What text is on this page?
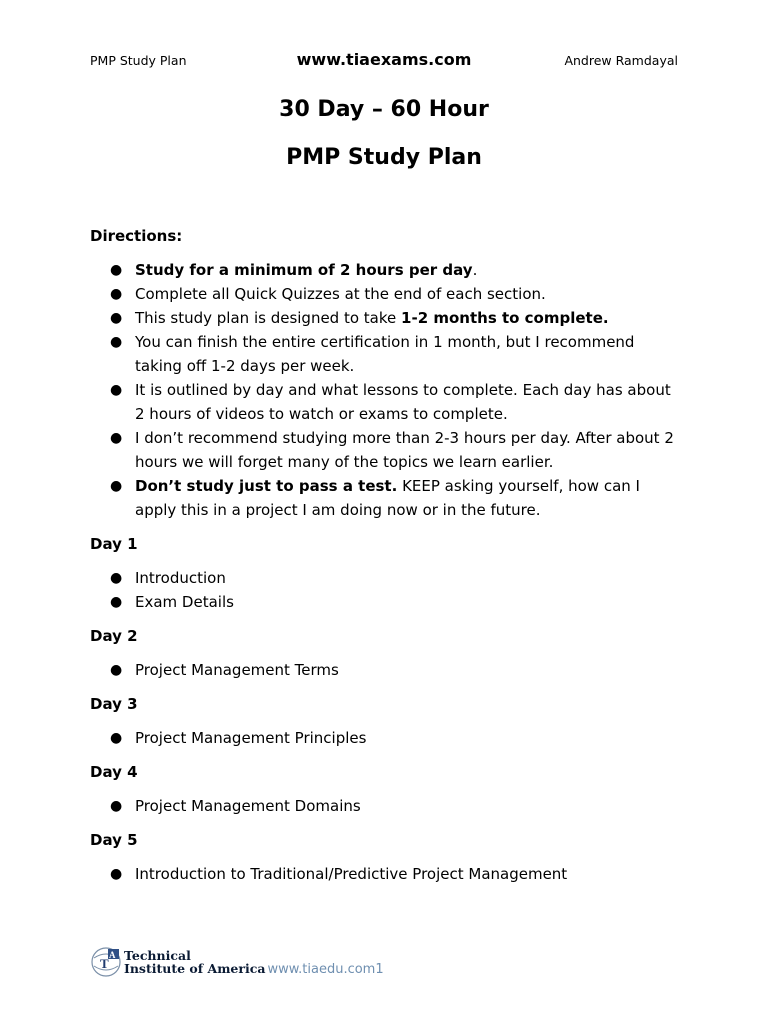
PMP Study Plan	www.tiaexams.com	Andrew Ramdayal
30 Day – 60 Hour
PMP Study Plan
Directions:
● Study for a minimum of 2 hours per day.
● Complete all Quick Quizzes at the end of each section.
● This study plan is designed to take 1-2 months to complete.
● You can finish the entire certification in 1 month, but I recommend taking off 1-2 days per week.
● It is outlined by day and what lessons to complete. Each day has about 2 hours of videos to watch or exams to complete.
● I don’t recommend studying more than 2-3 hours per day. After about 2 hours we will forget many of the topics we learn earlier.
● Don’t study just to pass a test. KEEP asking yourself, how can I apply this in a project I am doing now or in the future.
Day 1
● Introduction
● Exam Details
Day 2
● Project Management Terms
Day 3
● Project Management Principles
Day 4
● Project Management Domains
Day 5
● Introduction to Traditional/Predictive Project Management
T
A Technical
Institute of America www.tiaedu.com1
